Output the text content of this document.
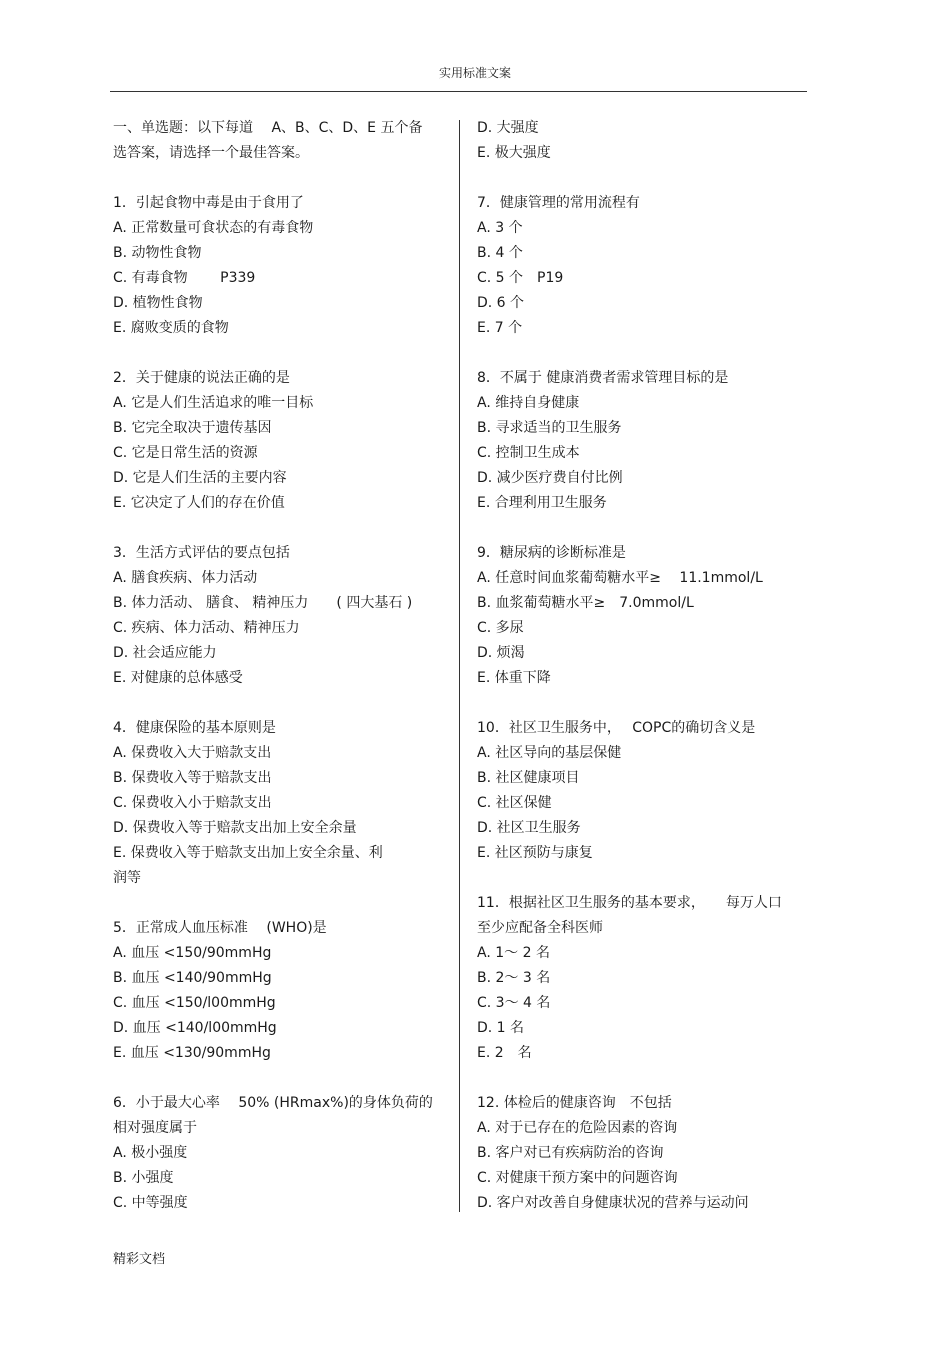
实用标准文案
一、单选题：以下每道　 A、B、C、D、E 五个备
选答案，请选择一个最佳答案。
1．引起食物中毒是由于食用了
A. 正常数量可食状态的有毒食物
B. 动物性食物
C. 有毒食物　　 P339
D. 植物性食物
E. 腐败变质的食物
2．关于健康的说法正确的是
A. 它是人们生活追求的唯一目标
B. 它完全取决于遗传基因
C. 它是日常生活的资源
D. 它是人们生活的主要内容
E. 它决定了人们的存在价值
3．生活方式评估的要点包括
A. 膳食疾病、体力活动
B. 体力活动、 膳食、 精神压力　　( 四大基石 )
C. 疾病、体力活动、精神压力
D. 社会适应能力
E. 对健康的总体感受
4．健康保险的基本原则是
A. 保费收入大于赔款支出
B. 保费收入等于赔款支出
C. 保费收入小于赔款支出
D. 保费收入等于赔款支出加上安全余量
E. 保费收入等于赔款支出加上安全余量、利
润等
5．正常成人血压标准　 (WHO)是
A. 血压 <150/90mmHg
B. 血压 <140/90mmHg
C. 血压 <150/l00mmHg
D. 血压 <140/l00mmHg
E. 血压 <130/90mmHg
6．小于最大心率　 50% (HRmax%)的身体负荷的
相对强度属于
A. 极小强度
B. 小强度
C. 中等强度
D. 大强度
E. 极大强度
7．健康管理的常用流程有
A. 3 个
B. 4 个
C. 5 个　P19
D. 6 个
E. 7 个
8．不属于 健康消费者需求管理目标的是
A. 维持自身健康
B. 寻求适当的卫生服务
C. 控制卫生成本
D. 减少医疗费自付比例
E. 合理利用卫生服务
9．糖尿病的诊断标准是
A. 任意时间血浆葡萄糖水平≥　 11.1mmol/L
B. 血浆葡萄糖水平≥　7.0mmol/L
C. 多尿
D. 烦渴
E. 体重下降
10．社区卫生服务中，　 COPC的确切含义是
A. 社区导向的基层保健
B. 社区健康项目
C. 社区保健
D. 社区卫生服务
E. 社区预防与康复
11．根据社区卫生服务的基本要求，　　每万人口
至少应配备全科医师
A. 1～ 2 名
B. 2～ 3 名
C. 3～ 4 名
D. 1 名
E. 2　名
12. 体检后的健康咨询　不包括
A. 对于已存在的危险因素的咨询
B. 客户对已有疾病防治的咨询
C. 对健康干预方案中的问题咨询
D. 客户对改善自身健康状况的营养与运动问
精彩文档
